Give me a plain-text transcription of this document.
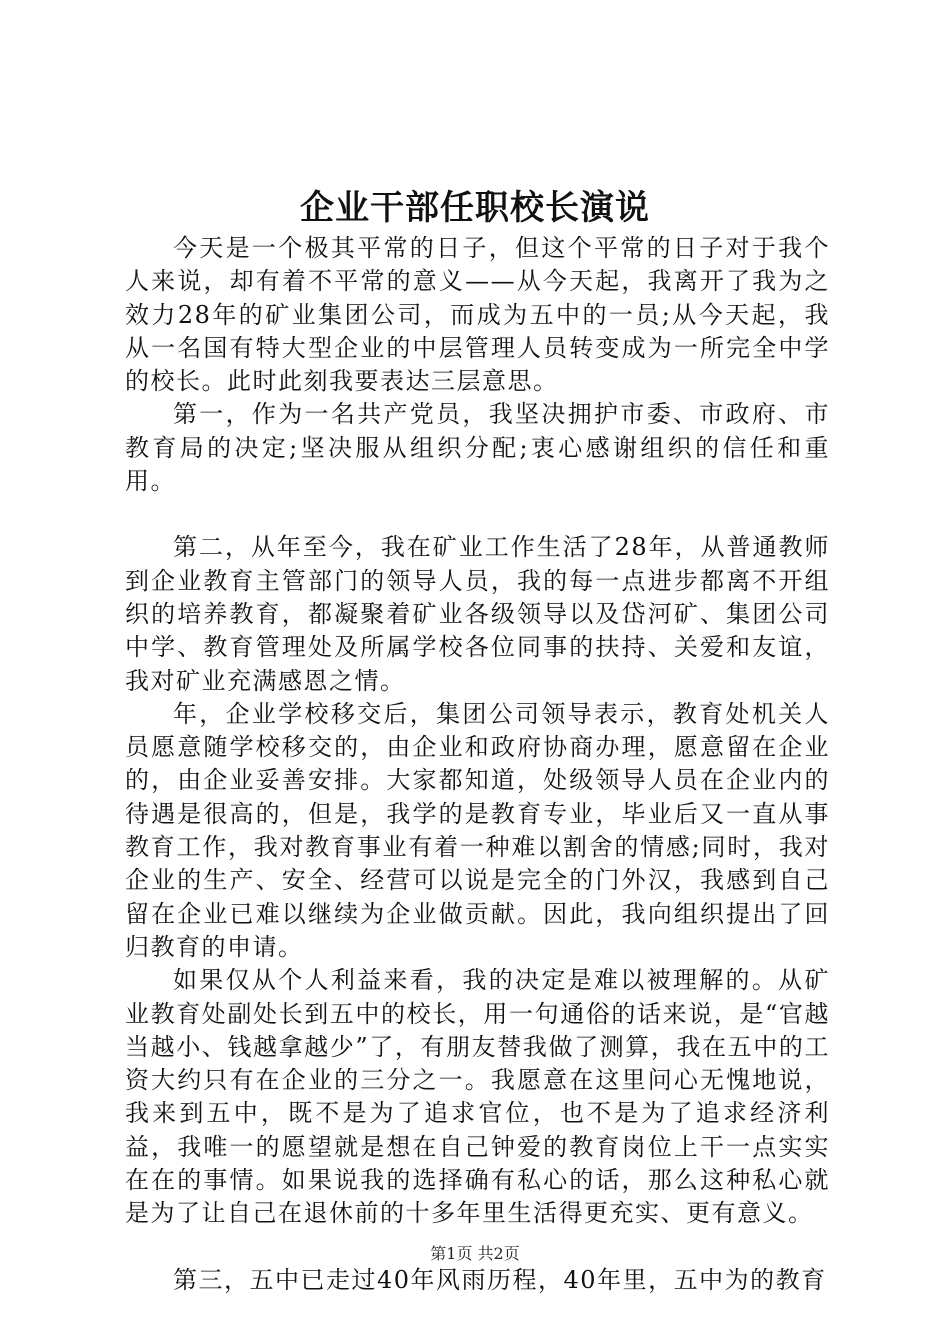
企业干部任职校长演说

今天是一个极其平常的日子，但这个平常的日子对于我个人来说，却有着不平常的意义——从今天起，我离开了我为之效力28年的矿业集团公司，而成为五中的一员;从今天起，我从一名国有特大型企业的中层管理人员转变成为一所完全中学的校长。此时此刻我要表达三层意思。

第一，作为一名共产党员，我坚决拥护市委、市政府、市教育局的决定;坚决服从组织分配;衷心感谢组织的信任和重用。

第二，从年至今，我在矿业工作生活了28年，从普通教师到企业教育主管部门的领导人员，我的每一点进步都离不开组织的培养教育，都凝聚着矿业各级领导以及岱河矿、集团公司中学、教育管理处及所属学校各位同事的扶持、关爱和友谊，我对矿业充满感恩之情。

年，企业学校移交后，集团公司领导表示，教育处机关人员愿意随学校移交的，由企业和政府协商办理，愿意留在企业的，由企业妥善安排。大家都知道，处级领导人员在企业内的待遇是很高的，但是，我学的是教育专业，毕业后又一直从事教育工作，我对教育事业有着一种难以割舍的情感;同时，我对企业的生产、安全、经营可以说是完全的门外汉，我感到自己留在企业已难以继续为企业做贡献。因此，我向组织提出了回归教育的申请。

如果仅从个人利益来看，我的决定是难以被理解的。从矿业教育处副处长到五中的校长，用一句通俗的话来说，是“官越当越小、钱越拿越少”了，有朋友替我做了测算，我在五中的工资大约只有在企业的三分之一。我愿意在这里问心无愧地说，我来到五中，既不是为了追求官位，也不是为了追求经济利益，我唯一的愿望就是想在自己钟爱的教育岗位上干一点实实在在的事情。如果说我的选择确有私心的话，那么这种私心就是为了让自己在退休前的十多年里生活得更充实、更有意义。

第三，五中已走过40年风雨历程，40年里，五中为的教育

第1页 共2页
